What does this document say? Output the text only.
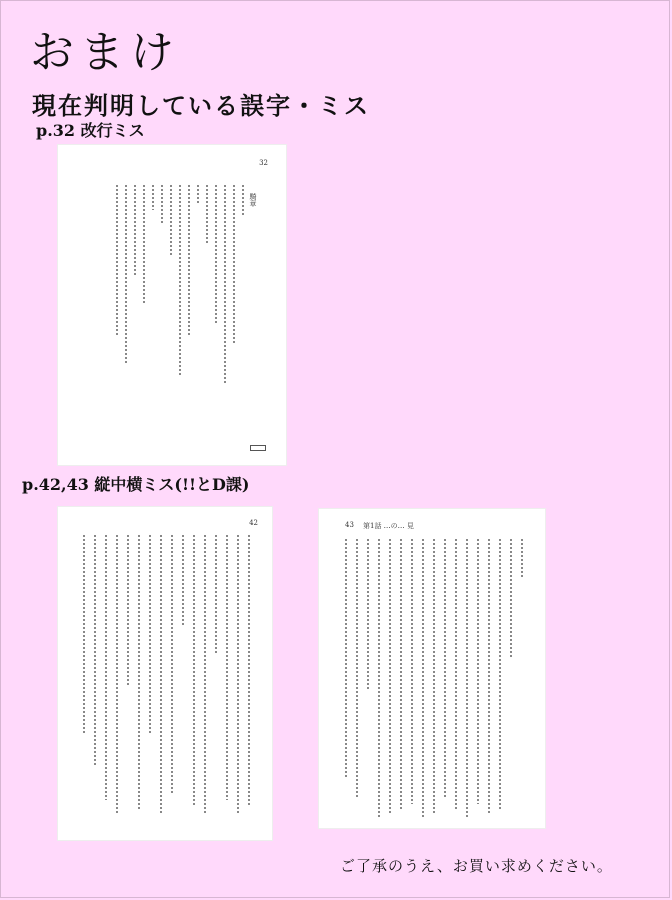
おまけ
現在判明している誤字・ミス
p.32 改行ミス
32
騎章
p.42,43 縦中横ミス(!!とD課)
42	43 第1話 …の… 見
ご了承のうえ、お買い求めください。
